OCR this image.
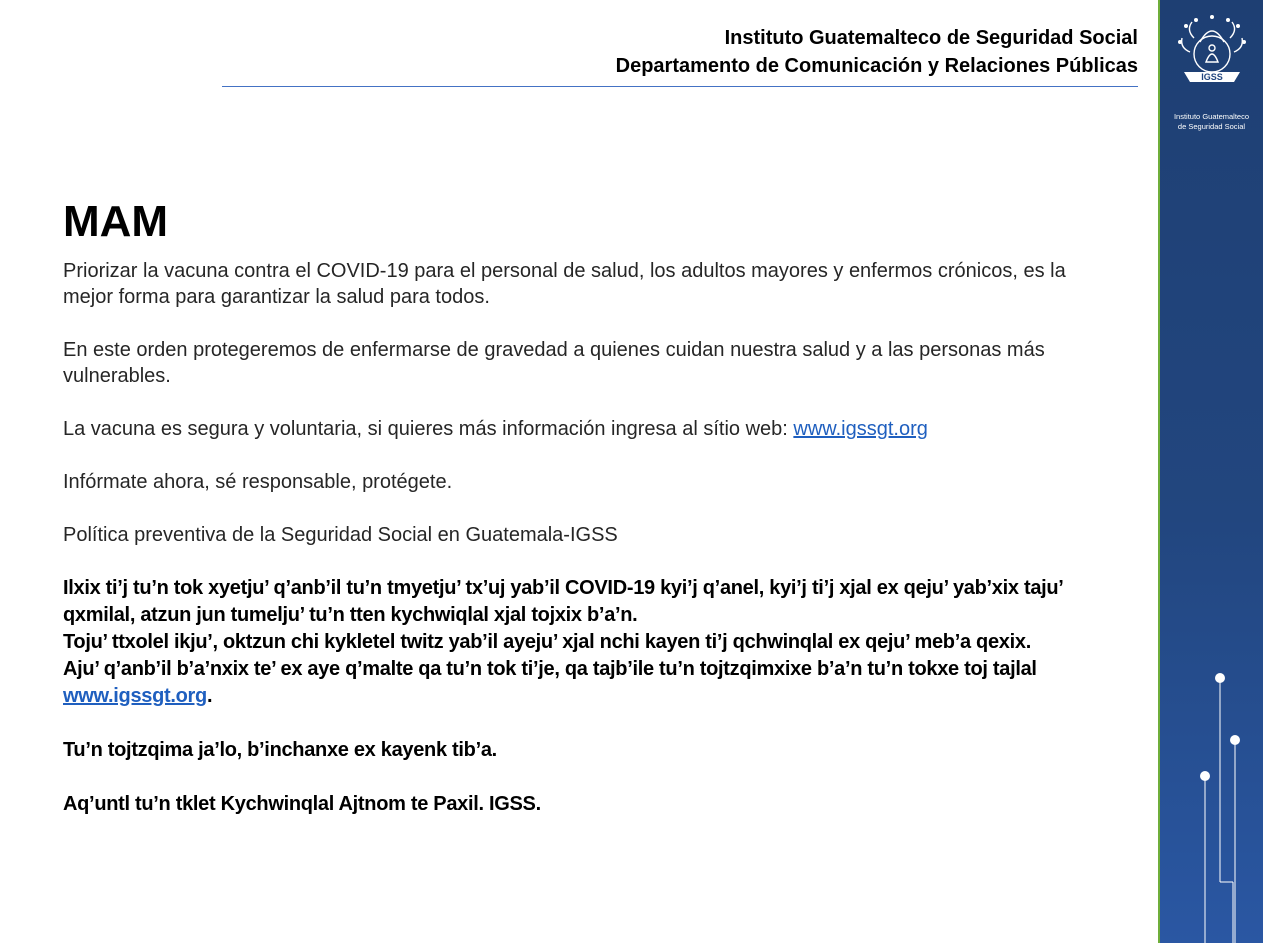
Instituto Guatemalteco de Seguridad Social
Departamento de Comunicación y Relaciones Públicas	IGSS
Instituto Guatemalteco
de Seguridad Social
MAM

Priorizar la vacuna contra el COVID-19 para el personal de salud, los adultos mayores y enfermos crónicos, es la mejor forma para garantizar la salud para todos.

En este orden protegeremos de enfermarse de gravedad a quienes cuidan nuestra salud y a las personas más vulnerables.

La vacuna es segura y voluntaria, si quieres más información ingresa al sítio web: www.igssgt.org

Infórmate ahora, sé responsable, protégete.

Política preventiva de la Seguridad Social en Guatemala-IGSS

Ilxix ti’j tu’n tok xyetju’ q’anb’il tu’n tmyetju’ tx’uj yab’il COVID-19 kyi’j q’anel, kyi’j ti’j xjal ex qeju’ yab’xix taju’ qxmilal, atzun jun tumelju’ tu’n tten kychwiqlal xjal tojxix b’a’n.

Toju’ ttxolel ikju’, oktzun chi kykletel twitz yab’il ayeju’ xjal nchi kayen ti’j qchwinqlal ex qeju’ meb’a qexix.

Aju’ q’anb’il b’a’nxix te’ ex aye q’malte qa tu’n tok ti’je, qa tajb’ile tu’n tojtzqimxixe b’a’n tu’n tokxe toj tajlal www.igssgt.org.

Tu’n tojtzqima ja’lo, b’inchanxe ex kayenk tib’a.

Aq’untl tu’n tklet Kychwinqlal Ajtnom te Paxil. IGSS.
